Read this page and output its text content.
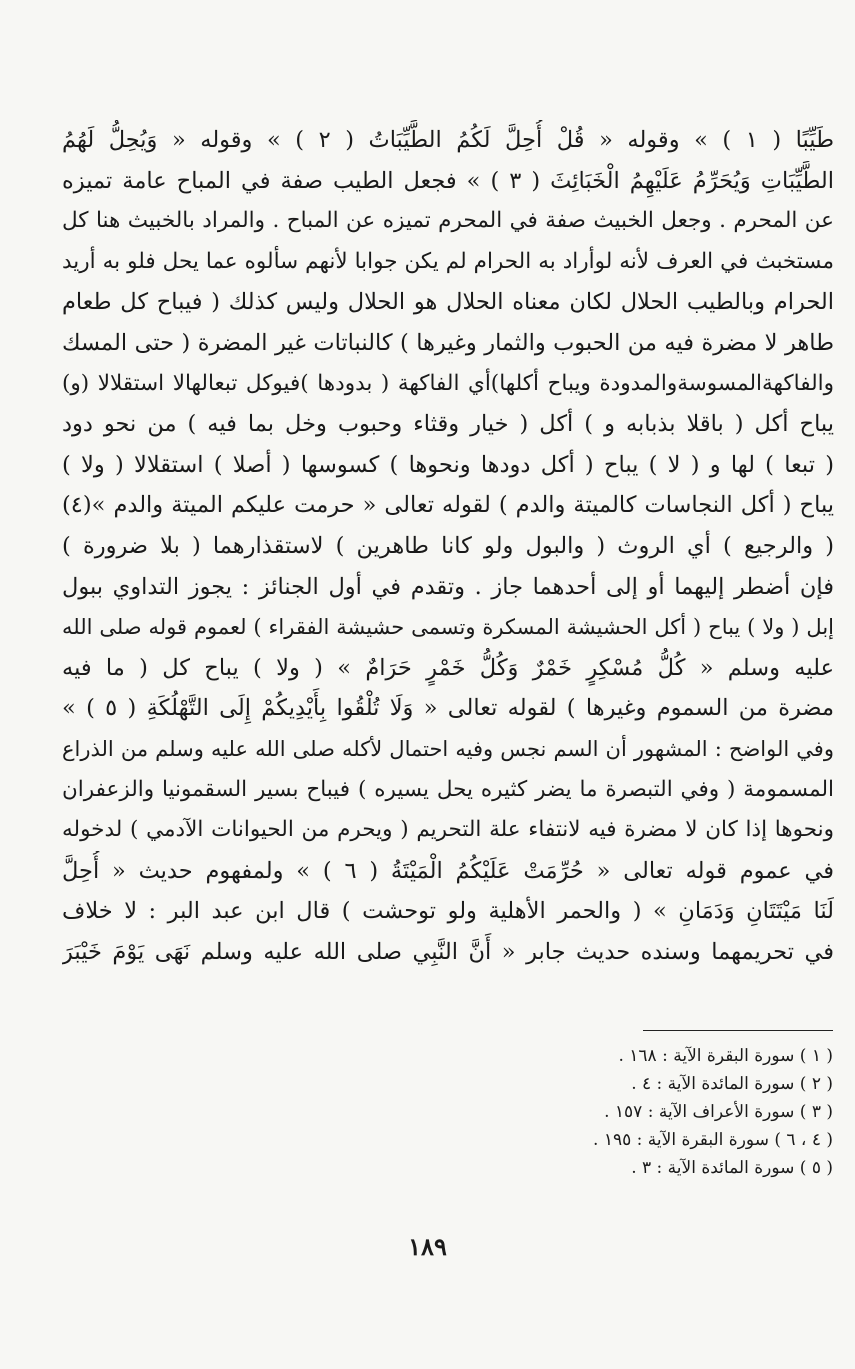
طَيِّبًا ( ١ ) » وقوله « قُلْ أُحِلَّ لَكُمُ الطَّيِّبَاتُ ( ٢ ) » وقوله « وَيُحِلُّ لَهُمُ
الطَّيِّبَاتِ وَيُحَرِّمُ عَلَيْهِمُ الْخَبَائِثَ ( ٣ ) » فجعل الطيب صفة في المباح عامة تميزه
عن المحرم . وجعل الخبيث صفة في المحرم تميزه عن المباح . والمراد بالخبيث هنا كل
مستخبث في العرف لأنه لوأراد به الحرام لم يكن جوابا لأنهم سألوه عما يحل فلو به أريد
الحرام وبالطيب الحلال لكان معناه الحلال هو الحلال وليس كذلك ( فيباح كل طعام
طاهر لا مضرة فيه من الحبوب والثمار وغيرها ) كالنباتات غير المضرة ( حتى المسك
والفاكهةالمسوسةوالمدودة ويباح أكلها)أي الفاكهة ( بدودها )فيوكل تبعالهالا استقلالا (و)
يباح أكل ( باقلا بذبابه و ) أكل ( خيار وقثاء وحبوب وخل بما فيه ) من نحو دود
( تبعا ) لها و ( لا ) يباح ( أكل دودها ونحوها ) كسوسها ( أصلا ) استقلالا ( ولا )
يباح ( أكل النجاسات كالميتة والدم ) لقوله تعالى « حرمت عليكم الميتة والدم »(٤)
( والرجيع ) أي الروث ( والبول ولو كانا طاهرين ) لاستقذارهما ( بلا ضرورة )
فإن أضطر إليهما أو إلى أحدهما جاز . وتقدم في أول الجنائز : يجوز التداوي ببول
إبل ( ولا ) يباح ( أكل الحشيشة المسكرة وتسمى حشيشة الفقراء ) لعموم قوله صلى الله
عليه وسلم « كُلُّ مُسْكِرٍ خَمْرٌ وَكُلُّ خَمْرٍ حَرَامٌ » ( ولا ) يباح كل ( ما فيه
مضرة من السموم وغيرها ) لقوله تعالى « وَلَا تُلْقُوا بِأَيْدِيكُمْ إِلَى التَّهْلُكَةِ ( ٥ ) »
وفي الواضح : المشهور أن السم نجس وفيه احتمال لأكله صلى الله عليه وسلم من الذراع
المسمومة ( وفي التبصرة ما يضر كثيره يحل يسيره ) فيباح بسير السقمونيا والزعفران
ونحوها إذا كان لا مضرة فيه لانتفاء علة التحريم ( ويحرم من الحيوانات الآدمي ) لدخوله
في عموم قوله تعالى « حُرِّمَتْ عَلَيْكُمُ الْمَيْتَةُ ( ٦ ) » ولمفهوم حديث « أُحِلَّ
لَنَا مَيْتَتَانِ وَدَمَانِ » ( والحمر الأهلية ولو توحشت ) قال ابن عبد البر : لا خلاف
في تحريمهما وسنده حديث جابر « أَنَّ النَّبِي صلى الله عليه وسلم نَهَى يَوْمَ خَيْبَرَ
( ١ ) سورة البقرة الآية : ١٦٨ .
( ٢ ) سورة المائدة الآية : ٤ .
( ٣ ) سورة الأعراف الآية : ١٥٧ .
( ٤ ، ٦ ) سورة البقرة الآية : ١٩٥ .
( ٥ ) سورة المائدة الآية : ٣ .
١٨٩
